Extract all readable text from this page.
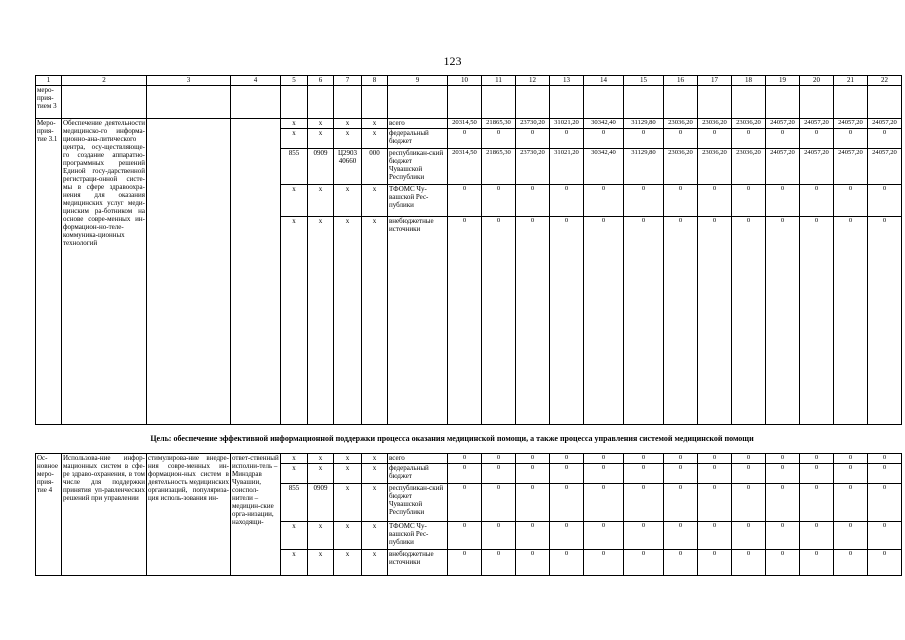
123
1	2	3	4	5	6	7	8	9	10	11	12	13	14	15	16	17	18	19	20	21	22
меро-прия-тием 3																					
Меро-прия-тие 3.1	Обеспечение деятельности медицинско-го информа-ционно-ана-литического центра, осу-ществляюще-го создание аппаратно-программных решений Единой госу-дарственной регистраци-онной систе-мы в сфере здравоохра-нения для оказания медицинских услуг меди-цинским ра-ботником на основе совре-менных ин-формацион-но-теле-коммуника-ционных технологий			x	x	x	x	всего	20314,50	21865,30	23730,20	31021,20	30342,40	31129,80	23036,20	23036,20	23036,20	24057,20	24057,20	24057,20	24057,20
				x	x	x	x	федеральный бюджет	0	0	0	0	0	0	0	0	0	0	0	0	0
				855	0909	Ц2903 40660	000	республикан-ский бюджет Чувашской Республики	20314,50	21865,30	23730,20	31021,20	30342,40	31129,80	23036,20	23036,20	23036,20	24057,20	24057,20	24057,20	24057,20
				x	x	x	x	ТФОМС Чу-вашской Рес-публики	0	0	0	0	0	0	0	0	0	0	0	0	0
				x	x	x	x	внебюджетные источники	0	0	0	0	0	0	0	0	0	0	0	0	0
Цель: обеспечение эффективной информационной поддержки процесса оказания медицинской помощи, а также процесса управления системой медицинской помощи
Ос-новное меро-прия-тие 4	Использова-ние инфор-мационных систем в сфе-ре здраво-охранения, в том числе для поддержки принятия уп-равленческих решений при управлении	стимулирова-ние внедре-ния совре-менных ин-формацион-ных систем в деятельность медицинских организаций, популяриза-ция исполь-зования ин-	ответ-ственный исполни-тель – Минздрав Чувашии, соиспол-нители – медицин-ские орга-низации, находящи-	x	x	x	x	всего	0	0	0	0	0	0	0	0	0	0	0	0	0
				x	x	x	x	федеральный бюджет	0	0	0	0	0	0	0	0	0	0	0	0	0
				855	0909	x	x	республикан-ский бюджет Чувашской Республики	0	0	0	0	0	0	0	0	0	0	0	0	0
				x	x	x	x	ТФОМС Чу-вашской Рес-публики	0	0	0	0	0	0	0	0	0	0	0	0	0
				x	x	x	x	внебюджетные источники	0	0	0	0	0	0	0	0	0	0	0	0	0
